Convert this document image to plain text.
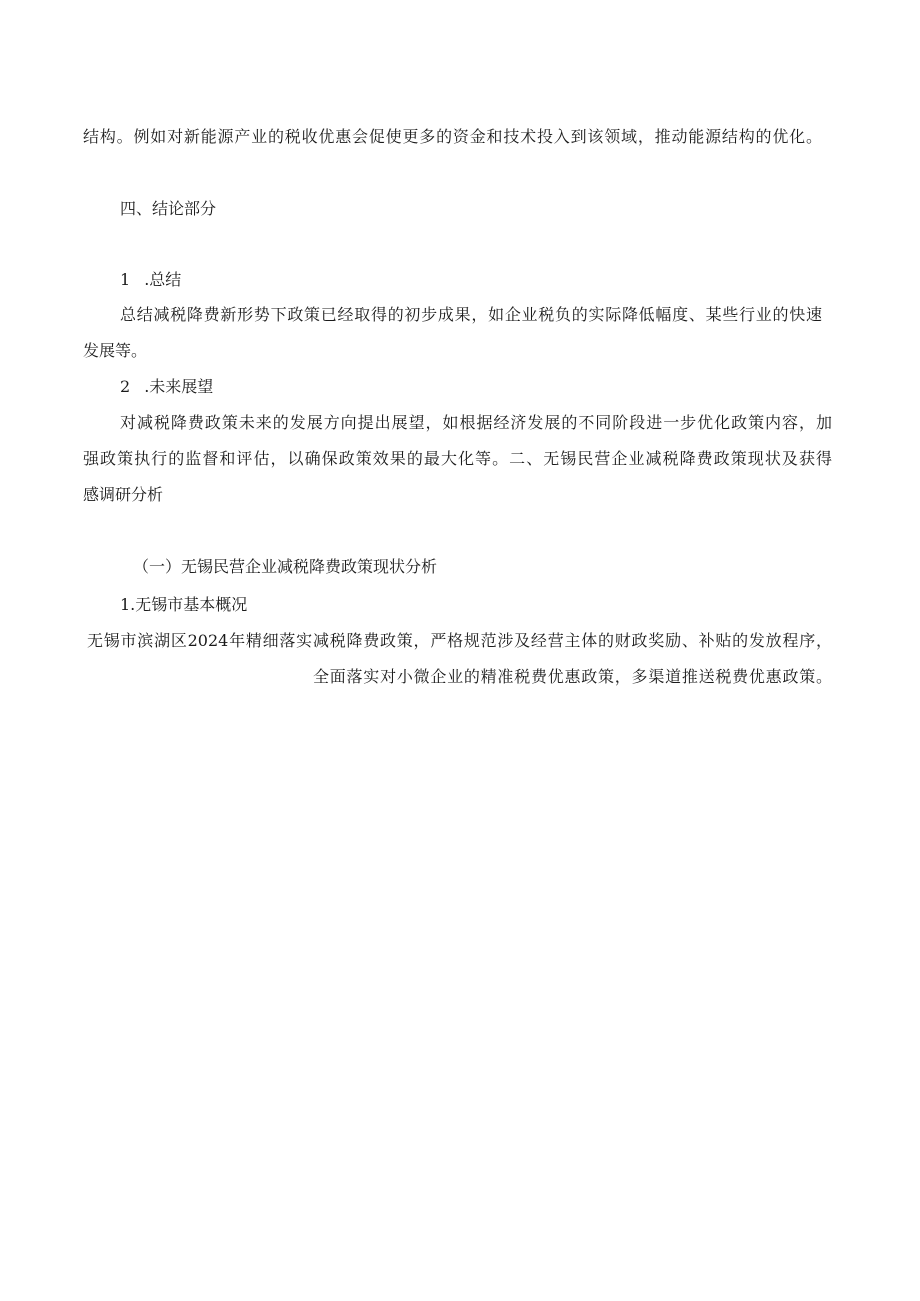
结构。例如对新能源产业的税收优惠会促使更多的资金和技术投入到该领域，推动能源结构的优化。
四、结论部分
1 .总结
总结减税降费新形势下政策已经取得的初步成果，如企业税负的实际降低幅度、某些行业的快速
发展等。
2 .未来展望
对减税降费政策未来的发展方向提出展望，如根据经济发展的不同阶段进一步优化政策内容，加
强政策执行的监督和评估，以确保政策效果的最大化等。二、无锡民营企业减税降费政策现状及获得
感调研分析
（一）无锡民营企业减税降费政策现状分析
1.无锡市基本概况
无锡市滨湖区2024年精细落实减税降费政策，严格规范涉及经营主体的财政奖励、补贴的发放程序，
全面落实对小微企业的精准税费优惠政策，多渠道推送税费优惠政策。
